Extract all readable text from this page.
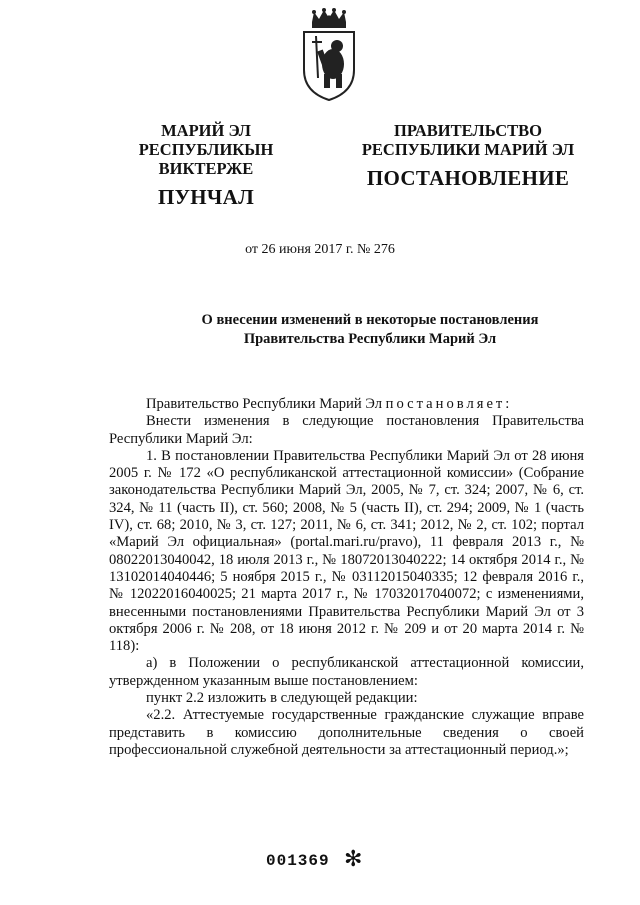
МАРИЙ ЭЛ РЕСПУБЛИКЫН
ВИКТЕРЖЕ
ПУНЧАЛ
ПРАВИТЕЛЬСТВО
РЕСПУБЛИКИ МАРИЙ ЭЛ
ПОСТАНОВЛЕНИЕ
от 26 июня 2017 г. № 276
О внесении изменений в некоторые постановления
Правительства Республики Марий Эл

Правительство Республики Марий Эл постановляет:

Внести изменения в следующие постановления Правительства Республики Марий Эл:

1. В постановлении Правительства Республики Марий Эл от 28 июня 2005 г. № 172 «О республиканской аттестационной комиссии» (Собрание законодательства Республики Марий Эл, 2005, № 7, ст. 324; 2007, № 6, ст. 324, № 11 (часть II), ст. 560; 2008, № 5 (часть II), ст. 294; 2009, № 1 (часть IV), ст. 68; 2010, № 3, ст. 127; 2011, № 6, ст. 341; 2012, № 2, ст. 102; портал «Марий Эл официальная» (portal.mari.ru/pravo), 11 февраля 2013 г., № 08022013040042, 18 июля 2013 г., № 18072013040222; 14 октября 2014 г., № 13102014040446; 5 ноября 2015 г., № 03112015040335; 12 февраля 2016 г., № 12022016040025; 21 марта 2017 г., № 17032017040072; с изменениями, внесенными постановлениями Правительства Республики Марий Эл от 3 октября 2006 г. № 208, от 18 июня 2012 г. № 209 и от 20 марта 2014 г. № 118):

а) в Положении о республиканской аттестационной комиссии, утвержденном указанным выше постановлением:

пункт 2.2 изложить в следующей редакции:

«2.2. Аттестуемые государственные гражданские служащие вправе представить в комиссию дополнительные сведения о своей профессиональной служебной деятельности за аттестационный период.»;

001369 ✻
